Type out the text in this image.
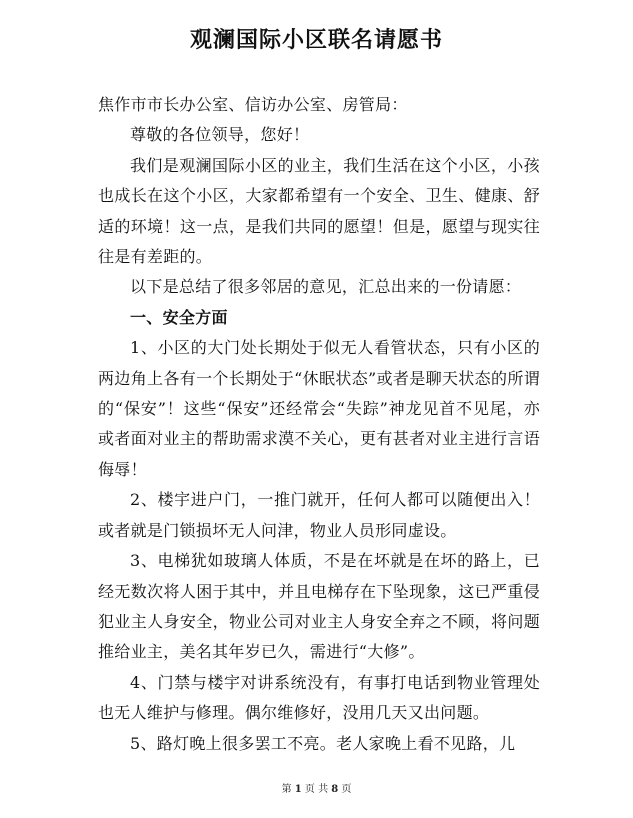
观澜国际小区联名请愿书

焦作市市长办公室、信访办公室、房管局：

尊敬的各位领导，您好！

我们是观澜国际小区的业主，我们生活在这个小区，小孩也成长在这个小区，大家都希望有一个安全、卫生、健康、舒适的环境！这一点，是我们共同的愿望！但是，愿望与现实往往是有差距的。

以下是总结了很多邻居的意见，汇总出来的一份请愿：

一、安全方面

1、小区的大门处长期处于似无人看管状态，只有小区的两边角上各有一个长期处于“休眠状态”或者是聊天状态的所谓的“保安”！这些“保安”还经常会“失踪”神龙见首不见尾，亦或者面对业主的帮助需求漠不关心，更有甚者对业主进行言语侮辱！

2、楼宇进户门，一推门就开，任何人都可以随便出入！或者就是门锁损坏无人问津，物业人员形同虚设。

3、电梯犹如玻璃人体质，不是在坏就是在坏的路上，已经无数次将人困于其中，并且电梯存在下坠现象，这已严重侵犯业主人身安全，物业公司对业主人身安全弃之不顾，将问题推给业主，美名其年岁已久，需进行“大修”。

4、门禁与楼宇对讲系统没有，有事打电话到物业管理处也无人维护与修理。偶尔维修好，没用几天又出问题。

5、路灯晚上很多罢工不亮。老人家晚上看不见路，儿

第 1 页 共 8 页
